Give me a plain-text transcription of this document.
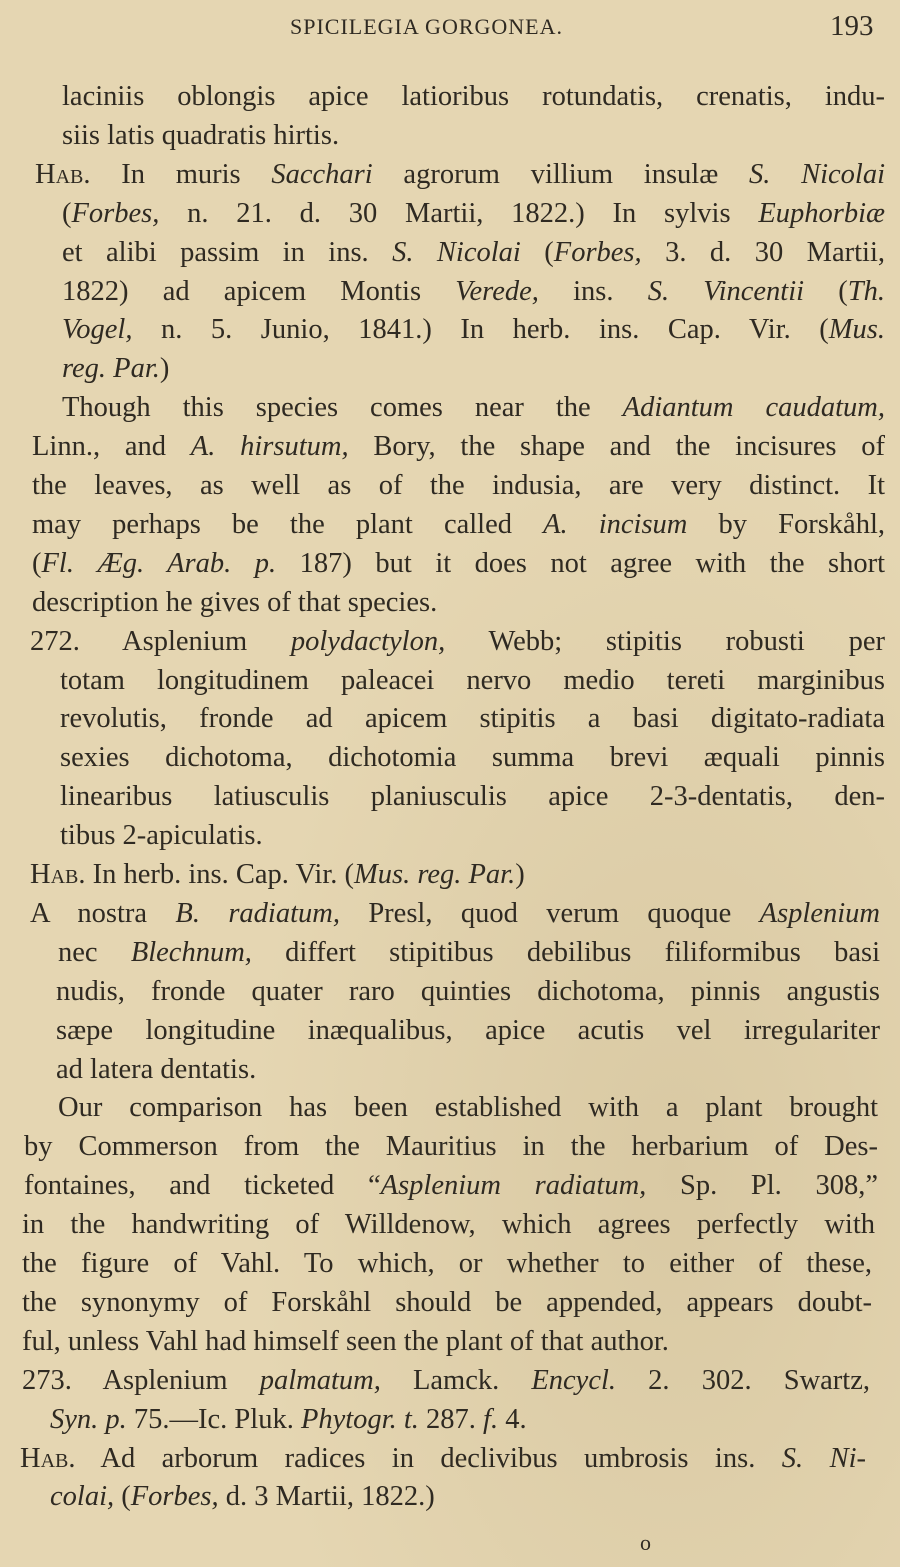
SPICILEGIA GORGONEA.	193
laciniis oblongis apice latioribus rotundatis, crenatis, indu-
siis latis quadratis hirtis.
Hab. In muris Sacchari agrorum villium insulæ S. Nicolai
(Forbes, n. 21. d. 30 Martii, 1822.) In sylvis Euphorbiæ
et alibi passim in ins. S. Nicolai (Forbes, 3. d. 30 Martii,
1822) ad apicem Montis Verede, ins. S. Vincentii (Th.
Vogel, n. 5. Junio, 1841.) In herb. ins. Cap. Vir. (Mus.
reg. Par.)
Though this species comes near the Adiantum caudatum,
Linn., and A. hirsutum, Bory, the shape and the incisures of
the leaves, as well as of the indusia, are very distinct. It
may perhaps be the plant called A. incisum by Forskåhl,
(Fl. Æg. Arab. p. 187) but it does not agree with the short
description he gives of that species.
272. Asplenium polydactylon, Webb; stipitis robusti per
totam longitudinem paleacei nervo medio tereti marginibus
revolutis, fronde ad apicem stipitis a basi digitato-radiata
sexies dichotoma, dichotomia summa brevi æquali pinnis
linearibus latiusculis planiusculis apice 2-3-dentatis, den-
tibus 2-apiculatis.
Hab. In herb. ins. Cap. Vir. (Mus. reg. Par.)
A nostra B. radiatum, Presl, quod verum quoque Asplenium
nec Blechnum, differt stipitibus debilibus filiformibus basi
nudis, fronde quater raro quinties dichotoma, pinnis angustis
sæpe longitudine inæqualibus, apice acutis vel irregulariter
ad latera dentatis.
Our comparison has been established with a plant brought
by Commerson from the Mauritius in the herbarium of Des-
fontaines, and ticketed “Asplenium radiatum, Sp. Pl. 308,”
in the handwriting of Willdenow, which agrees perfectly with
the figure of Vahl. To which, or whether to either of these,
the synonymy of Forskåhl should be appended, appears doubt-
ful, unless Vahl had himself seen the plant of that author.
273. Asplenium palmatum, Lamck. Encycl. 2. 302. Swartz,
Syn. p. 75.—Ic. Pluk. Phytogr. t. 287. f. 4.
Hab. Ad arborum radices in declivibus umbrosis ins. S. Ni-
colai, (Forbes, d. 3 Martii, 1822.)
o
